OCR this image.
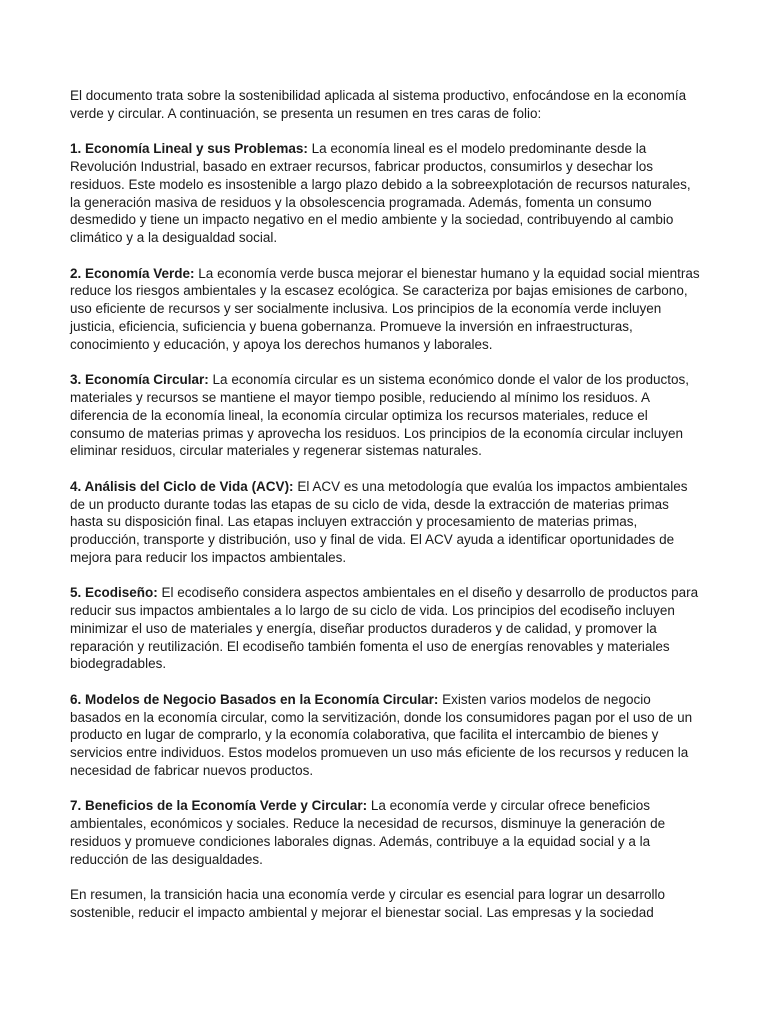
El documento trata sobre la sostenibilidad aplicada al sistema productivo, enfocándose en la economía verde y circular. A continuación, se presenta un resumen en tres caras de folio:

1. Economía Lineal y sus Problemas: La economía lineal es el modelo predominante desde la Revolución Industrial, basado en extraer recursos, fabricar productos, consumirlos y desechar los residuos. Este modelo es insostenible a largo plazo debido a la sobreexplotación de recursos naturales, la generación masiva de residuos y la obsolescencia programada. Además, fomenta un consumo desmedido y tiene un impacto negativo en el medio ambiente y la sociedad, contribuyendo al cambio climático y a la desigualdad social.

2. Economía Verde: La economía verde busca mejorar el bienestar humano y la equidad social mientras reduce los riesgos ambientales y la escasez ecológica. Se caracteriza por bajas emisiones de carbono, uso eficiente de recursos y ser socialmente inclusiva. Los principios de la economía verde incluyen justicia, eficiencia, suficiencia y buena gobernanza. Promueve la inversión en infraestructuras, conocimiento y educación, y apoya los derechos humanos y laborales.

3. Economía Circular: La economía circular es un sistema económico donde el valor de los productos, materiales y recursos se mantiene el mayor tiempo posible, reduciendo al mínimo los residuos. A diferencia de la economía lineal, la economía circular optimiza los recursos materiales, reduce el consumo de materias primas y aprovecha los residuos. Los principios de la economía circular incluyen eliminar residuos, circular materiales y regenerar sistemas naturales.

4. Análisis del Ciclo de Vida (ACV): El ACV es una metodología que evalúa los impactos ambientales de un producto durante todas las etapas de su ciclo de vida, desde la extracción de materias primas hasta su disposición final. Las etapas incluyen extracción y procesamiento de materias primas, producción, transporte y distribución, uso y final de vida. El ACV ayuda a identificar oportunidades de mejora para reducir los impactos ambientales.

5. Ecodiseño: El ecodiseño considera aspectos ambientales en el diseño y desarrollo de productos para reducir sus impactos ambientales a lo largo de su ciclo de vida. Los principios del ecodiseño incluyen minimizar el uso de materiales y energía, diseñar productos duraderos y de calidad, y promover la reparación y reutilización. El ecodiseño también fomenta el uso de energías renovables y materiales biodegradables.

6. Modelos de Negocio Basados en la Economía Circular: Existen varios modelos de negocio basados en la economía circular, como la servitización, donde los consumidores pagan por el uso de un producto en lugar de comprarlo, y la economía colaborativa, que facilita el intercambio de bienes y servicios entre individuos. Estos modelos promueven un uso más eficiente de los recursos y reducen la necesidad de fabricar nuevos productos.

7. Beneficios de la Economía Verde y Circular: La economía verde y circular ofrece beneficios ambientales, económicos y sociales. Reduce la necesidad de recursos, disminuye la generación de residuos y promueve condiciones laborales dignas. Además, contribuye a la equidad social y a la reducción de las desigualdades.

En resumen, la transición hacia una economía verde y circular es esencial para lograr un desarrollo sostenible, reducir el impacto ambiental y mejorar el bienestar social. Las empresas y la sociedad
